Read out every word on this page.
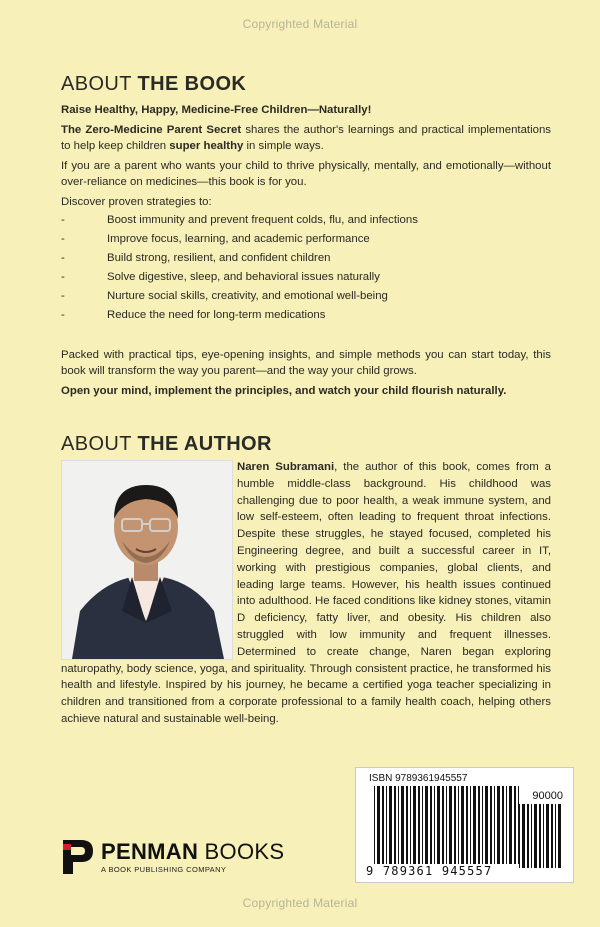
Copyrighted Material
ABOUT THE BOOK

Raise Healthy, Happy, Medicine-Free Children—Naturally!

The Zero-Medicine Parent Secret shares the author's learnings and practical implementations to help keep children super healthy in simple ways.

If you are a parent who wants your child to thrive physically, mentally, and emotionally—without over-reliance on medicines—this book is for you.

Discover proven strategies to:

-	Boost immunity and prevent frequent colds, flu, and infections
-	Improve focus, learning, and academic performance
-	Build strong, resilient, and confident children
-	Solve digestive, sleep, and behavioral issues naturally
-	Nurture social skills, creativity, and emotional well-being
-	Reduce the need for long-term medications

Packed with practical tips, eye-opening insights, and simple methods you can start today, this book will transform the way you parent—and the way your child grows.

Open your mind, implement the principles, and watch your child flourish naturally.

ABOUT THE AUTHOR
Naren Subramani, the author of this book, comes from a humble middle-class background. His childhood was challenging due to poor health, a weak immune system, and low self-esteem, often leading to frequent throat infections. Despite these struggles, he stayed focused, completed his Engineering degree, and built a successful career in IT, working with prestigious companies, global clients, and leading large teams. However, his health issues continued into adulthood. He faced conditions like kidney stones, vitamin D deficiency, fatty liver, and obesity. His children also struggled with low immunity and frequent illnesses. Determined to create change, Naren began exploring naturopathy, body science, yoga, and spirituality. Through consistent practice, he transformed his health and lifestyle. Inspired by his journey, he became a certified yoga teacher specializing in children and transitioned from a corporate professional to a family health coach, helping others achieve natural and sustainable well-being.
PENMAN BOOKS
A BOOK PUBLISHING COMPANY
ISBN 9789361945557
90000
9 789361 945557
Copyrighted Material
